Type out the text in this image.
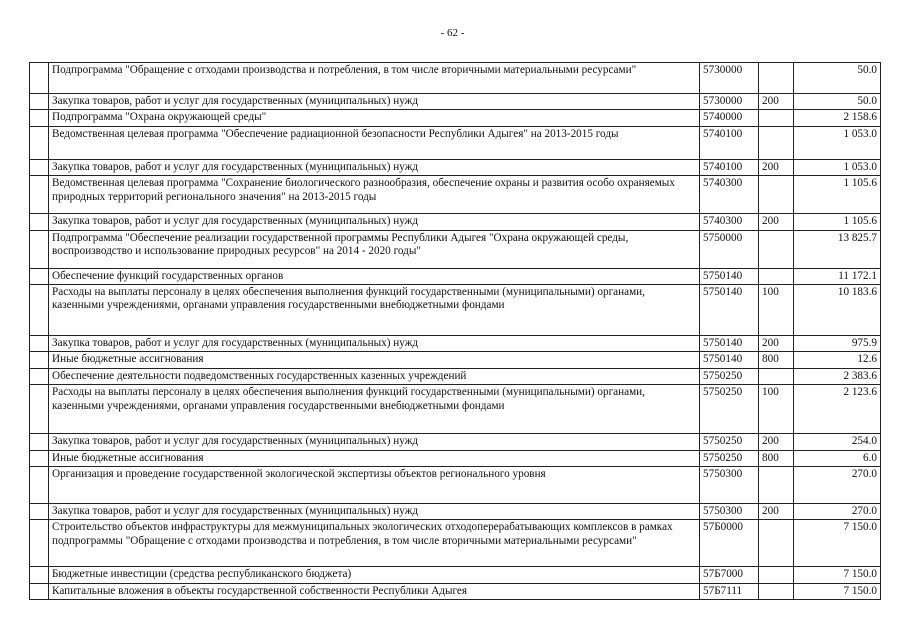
- 62 -
	Подпрограмма "Обращение с отходами производства и потребления, в том числе вторичными материальными ресурсами"	5730000		50.0
	Закупка товаров, работ и услуг для государственных (муниципальных) нужд	5730000	200	50.0
	Подпрограмма "Охрана окружающей среды"	5740000		2 158.6
	Ведомственная целевая программа "Обеспечение радиационной безопасности Республики Адыгея" на 2013-2015 годы	5740100		1 053.0
	Закупка товаров, работ и услуг для государственных (муниципальных) нужд	5740100	200	1 053.0
	Ведомственная целевая программа "Сохранение биологического разнообразия, обеспечение охраны и развития особо охраняемых природных территорий регионального значения" на 2013-2015 годы	5740300		1 105.6
	Закупка товаров, работ и услуг для государственных (муниципальных) нужд	5740300	200	1 105.6
	Подпрограмма "Обеспечение реализации государственной программы Республики Адыгея "Охрана окружающей среды, воспроизводство и использование природных ресурсов" на 2014 - 2020 годы"	5750000		13 825.7
	Обеспечение функций государственных органов	5750140		11 172.1
	Расходы на выплаты персоналу в целях обеспечения выполнения функций государственными (муниципальными) органами, казенными учреждениями, органами управления государственными внебюджетными фондами	5750140	100	10 183.6
	Закупка товаров, работ и услуг для государственных (муниципальных) нужд	5750140	200	975.9
	Иные бюджетные ассигнования	5750140	800	12.6
	Обеспечение деятельности подведомственных государственных казенных учреждений	5750250		2 383.6
	Расходы на выплаты персоналу в целях обеспечения выполнения функций государственными (муниципальными) органами, казенными учреждениями, органами управления государственными внебюджетными фондами	5750250	100	2 123.6
	Закупка товаров, работ и услуг для государственных (муниципальных) нужд	5750250	200	254.0
	Иные бюджетные ассигнования	5750250	800	6.0
	Организация и проведение государственной экологической экспертизы объектов регионального уровня	5750300		270.0
	Закупка товаров, работ и услуг для государственных (муниципальных) нужд	5750300	200	270.0
	Строительство объектов инфраструктуры для межмуниципальных экологических отходоперерабатывающих комплексов в рамках подпрограммы "Обращение с отходами производства и потребления, в том числе вторичными материальными ресурсами"	57Б0000		7 150.0
	Бюджетные инвестиции (средства республиканского бюджета)	57Б7000		7 150.0
	Капитальные вложения в объекты государственной собственности Республики Адыгея	57Б7111		7 150.0
